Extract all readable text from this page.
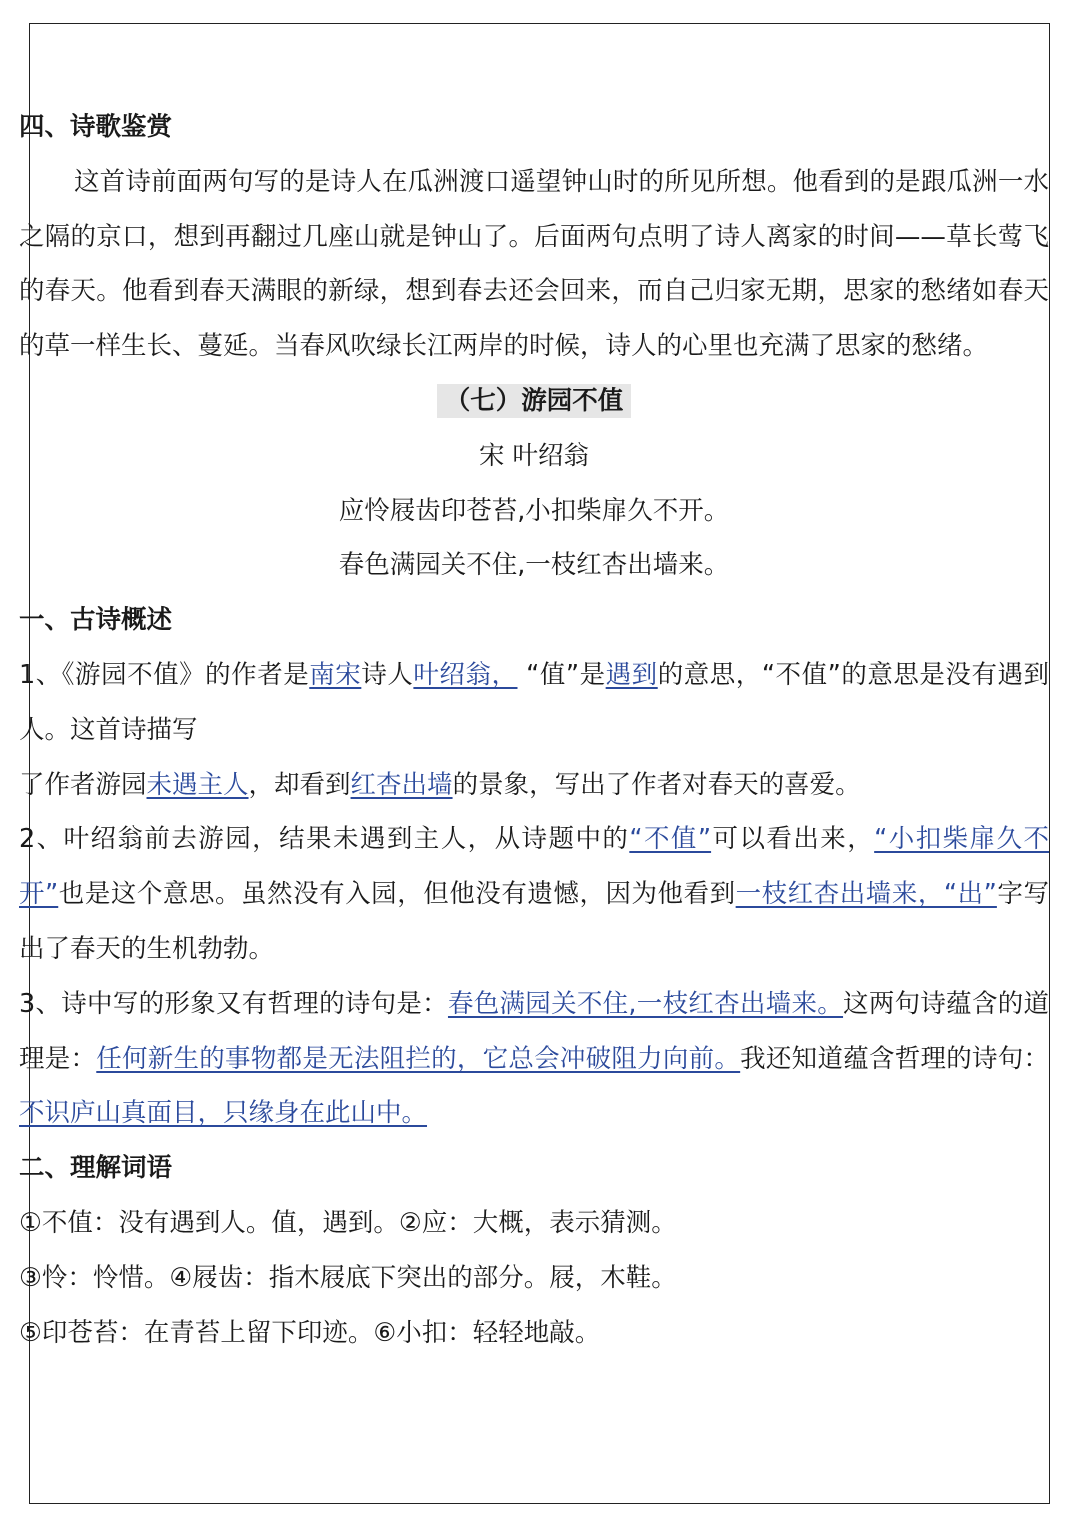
四、诗歌鉴赏

这首诗前面两句写的是诗人在瓜洲渡口遥望钟山时的所见所想。他看到的是跟瓜洲一水之隔的京口，想到再翻过几座山就是钟山了。后面两句点明了诗人离家的时间——草长莺飞的春天。他看到春天满眼的新绿，想到春去还会回来，而自己归家无期，思家的愁绪如春天的草一样生长、蔓延。当春风吹绿长江两岸的时候，诗人的心里也充满了思家的愁绪。

（七）游园不值

宋 叶绍翁

应怜屐齿印苍苔,小扣柴扉久不开。

春色满园关不住,一枝红杏出墙来。

一、古诗概述

1、《游园不值》的作者是南宋诗人叶绍翁， “值”是遇到的意思，“不值”的意思是没有遇到人。这首诗描写

了作者游园未遇主人，却看到红杏出墙的景象，写出了作者对春天的喜爱。

2、叶绍翁前去游园，结果未遇到主人，从诗题中的“不值”可以看出来，“小扣柴扉久不开”也是这个意思。虽然没有入园，但他没有遗憾，因为他看到一枝红杏出墙来，“出”字写出了春天的生机勃勃。

3、诗中写的形象又有哲理的诗句是：春色满园关不住,一枝红杏出墙来。这两句诗蕴含的道理是：任何新生的事物都是无法阻拦的，它总会冲破阻力向前。我还知道蕴含哲理的诗句：不识庐山真面目，只缘身在此山中。

二、理解词语

①不值：没有遇到人。值，遇到。②应：大概，表示猜测。

③怜：怜惜。④屐齿：指木屐底下突出的部分。屐，木鞋。

⑤印苍苔：在青苔上留下印迹。⑥小扣：轻轻地敲。
